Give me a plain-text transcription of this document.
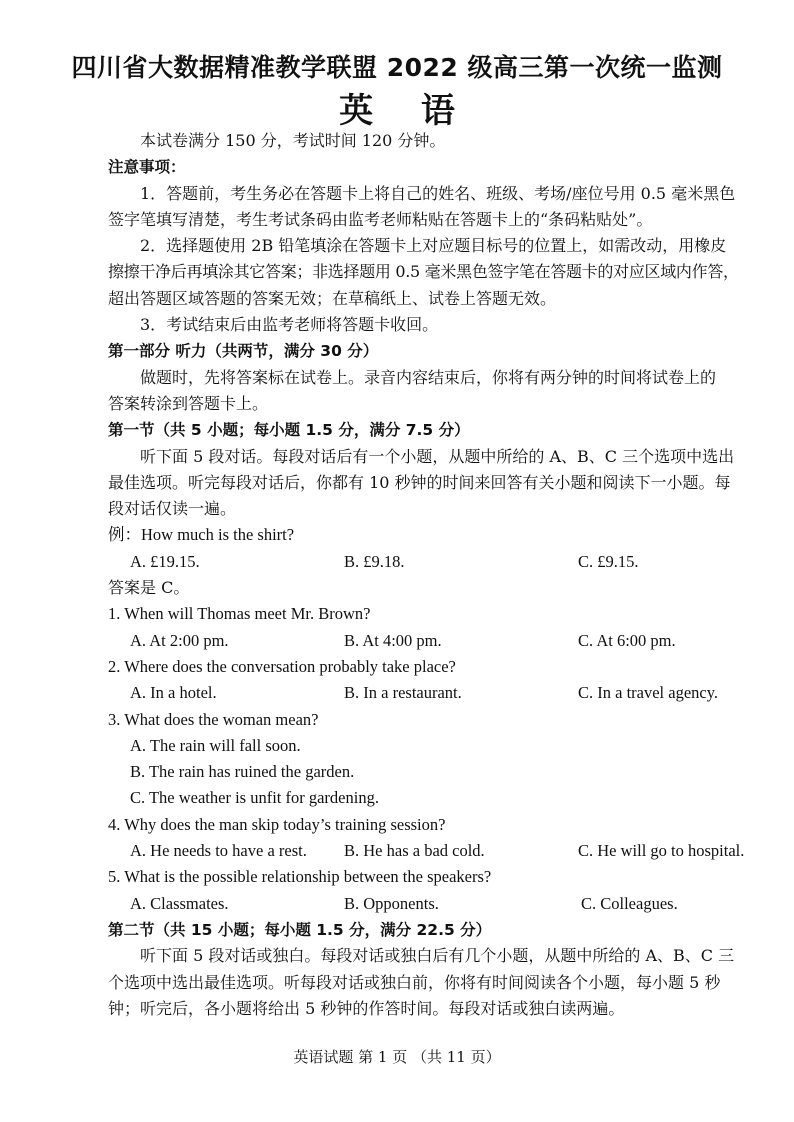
四川省大数据精准教学联盟 2022 级高三第一次统一监测
英 语
本试卷满分 150 分，考试时间 120 分钟。
注意事项：
1．答题前，考生务必在答题卡上将自己的姓名、班级、考场/座位号用 0.5 毫米黑色
签字笔填写清楚，考生考试条码由监考老师粘贴在答题卡上的“条码粘贴处”。
2．选择题使用 2B 铅笔填涂在答题卡上对应题目标号的位置上，如需改动，用橡皮
擦擦干净后再填涂其它答案；非选择题用 0.5 毫米黑色签字笔在答题卡的对应区域内作答，
超出答题区域答题的答案无效；在草稿纸上、试卷上答题无效。
3．考试结束后由监考老师将答题卡收回。
第一部分 听力（共两节，满分 30 分）
做题时，先将答案标在试卷上。录音内容结束后，你将有两分钟的时间将试卷上的
答案转涂到答题卡上。
第一节（共 5 小题；每小题 1.5 分，满分 7.5 分）
听下面 5 段对话。每段对话后有一个小题，从题中所给的 A、B、C 三个选项中选出
最佳选项。听完每段对话后，你都有 10 秒钟的时间来回答有关小题和阅读下一小题。每
段对话仅读一遍。
例：How much is the shirt?
A. £19.15.	B. £9.18.	C. £9.15.
答案是 C。
1. When will Thomas meet Mr. Brown?
A. At 2:00 pm.	B. At 4:00 pm.	C. At 6:00 pm.
2. Where does the conversation probably take place?
A. In a hotel.	B. In a restaurant.	C. In a travel agency.
3. What does the woman mean?
A. The rain will fall soon.
B. The rain has ruined the garden.
C. The weather is unfit for gardening.
4. Why does the man skip today’s training session?
A. He needs to have a rest. B. He has a bad cold.	C. He will go to hospital.
5. What is the possible relationship between the speakers?
A. Classmates.	B. Opponents.	C. Colleagues.
第二节（共 15 小题；每小题 1.5 分，满分 22.5 分）
听下面 5 段对话或独白。每段对话或独白后有几个小题，从题中所给的 A、B、C 三
个选项中选出最佳选项。听每段对话或独白前，你将有时间阅读各个小题，每小题 5 秒
钟；听完后，各小题将给出 5 秒钟的作答时间。每段对话或独白读两遍。
英语试题 第 1 页 （共 11 页）
